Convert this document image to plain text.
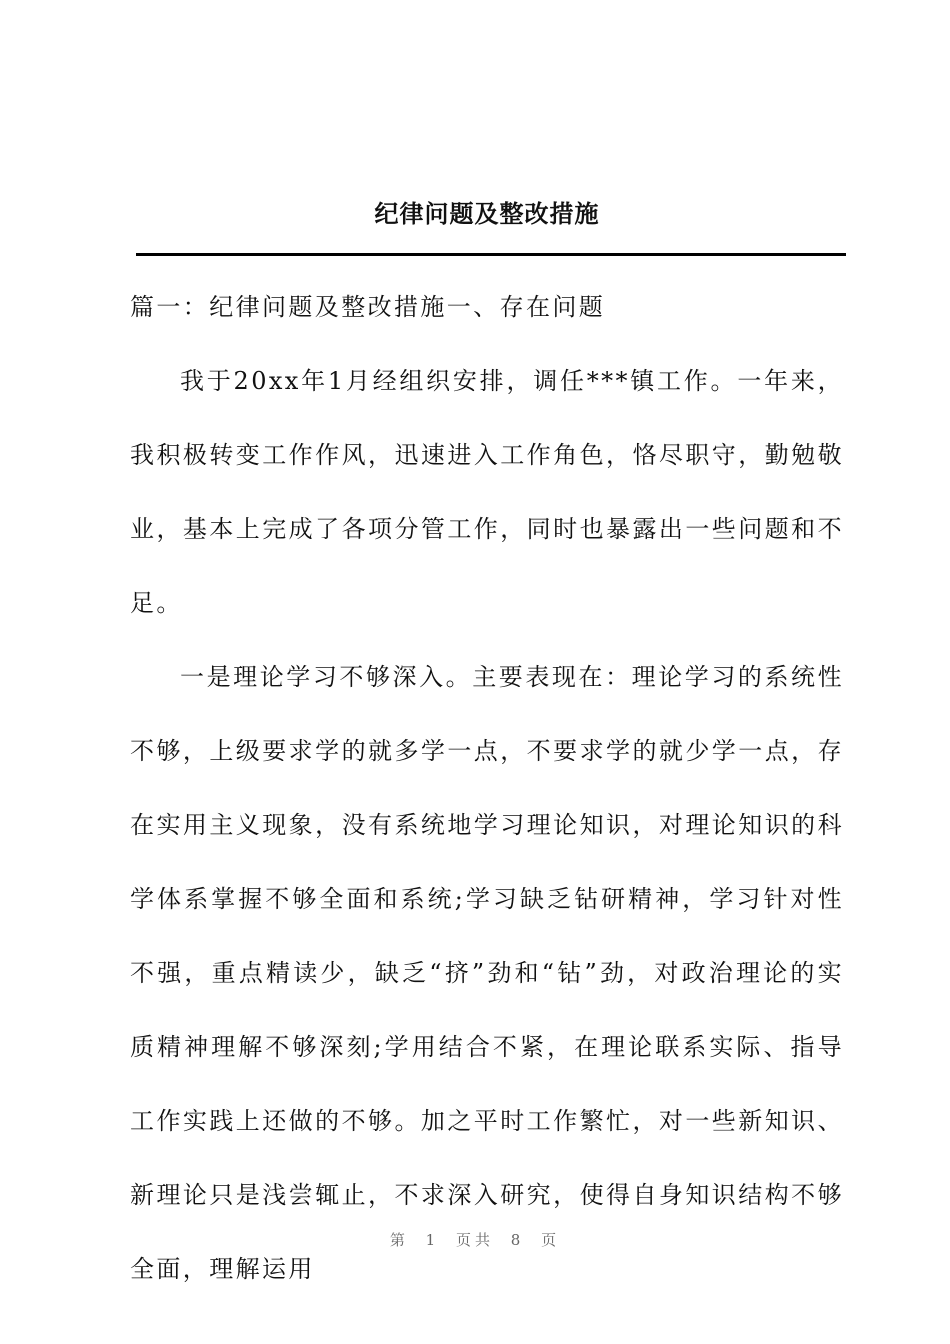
纪律问题及整改措施

篇一：纪律问题及整改措施一、存在问题

我于20xx年1月经组织安排，调任***镇工作。一年来，我积极转变工作作风，迅速进入工作角色，恪尽职守，勤勉敬业，基本上完成了各项分管工作，同时也暴露出一些问题和不足。

一是理论学习不够深入。主要表现在：理论学习的系统性不够，上级要求学的就多学一点，不要求学的就少学一点，存在实用主义现象，没有系统地学习理论知识，对理论知识的科学体系掌握不够全面和系统;学习缺乏钻研精神，学习针对性不强，重点精读少，缺乏“挤”劲和“钻”劲，对政治理论的实质精神理解不够深刻;学用结合不紧，在理论联系实际、指导工作实践上还做的不够。加之平时工作繁忙，对一些新知识、新理论只是浅尝辄止，不求深入研究，使得自身知识结构不够全面，理解运用

第 1 页共 8 页
